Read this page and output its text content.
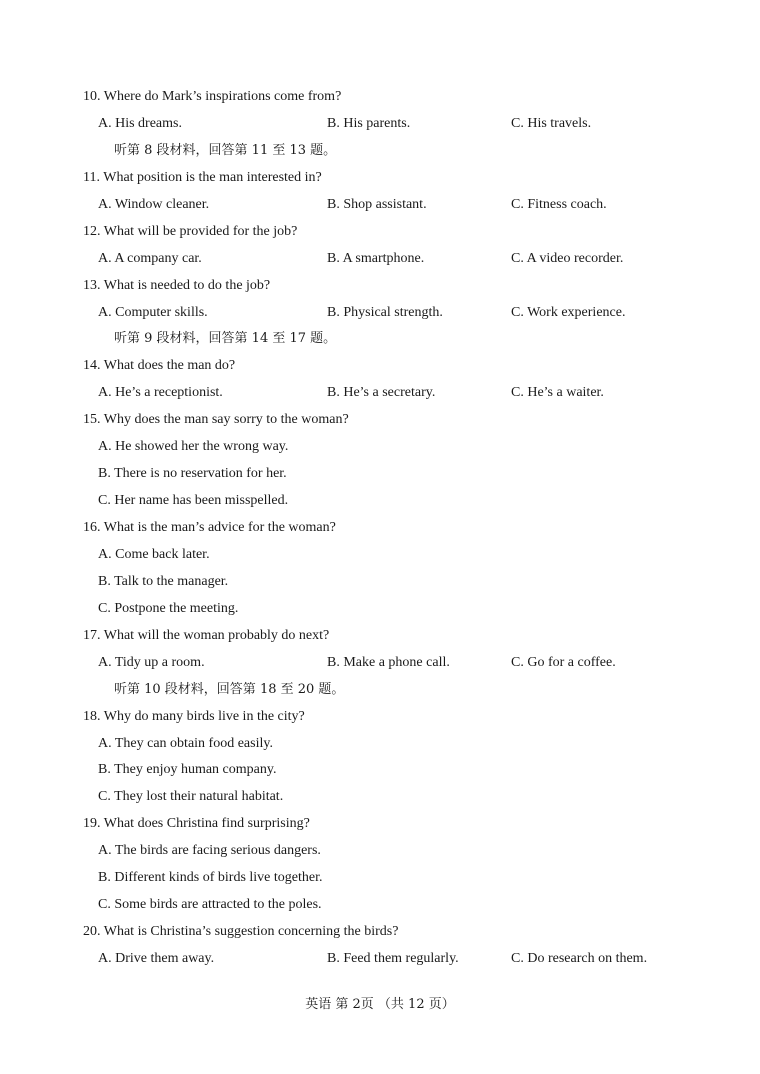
10. Where do Mark’s inspirations come from?
A. His dreams.	B. His parents.	C. His travels.
听第 8 段材料，回答第 11 至 13 题。
11. What position is the man interested in?
A. Window cleaner.	B. Shop assistant.	C. Fitness coach.
12. What will be provided for the job?
A. A company car.	B. A smartphone.	C. A video recorder.
13. What is needed to do the job?
A. Computer skills.	B. Physical strength.	C. Work experience.
听第 9 段材料，回答第 14 至 17 题。
14. What does the man do?
A. He’s a receptionist.	B. He’s a secretary.	C. He’s a waiter.
15. Why does the man say sorry to the woman?
A. He showed her the wrong way.
B. There is no reservation for her.
C. Her name has been misspelled.
16. What is the man’s advice for the woman?
A. Come back later.
B. Talk to the manager.
C. Postpone the meeting.
17. What will the woman probably do next?
A. Tidy up a room.	B. Make a phone call.	C. Go for a coffee.
听第 10 段材料，回答第 18 至 20 题。
18. Why do many birds live in the city?
A. They can obtain food easily.
B. They enjoy human company.
C. They lost their natural habitat.
19. What does Christina find surprising?
A. The birds are facing serious dangers.
B. Different kinds of birds live together.
C. Some birds are attracted to the poles.
20. What is Christina’s suggestion concerning the birds?
A. Drive them away.	B. Feed them regularly.	C. Do research on them.
英语 第 2页 （共 12 页）
